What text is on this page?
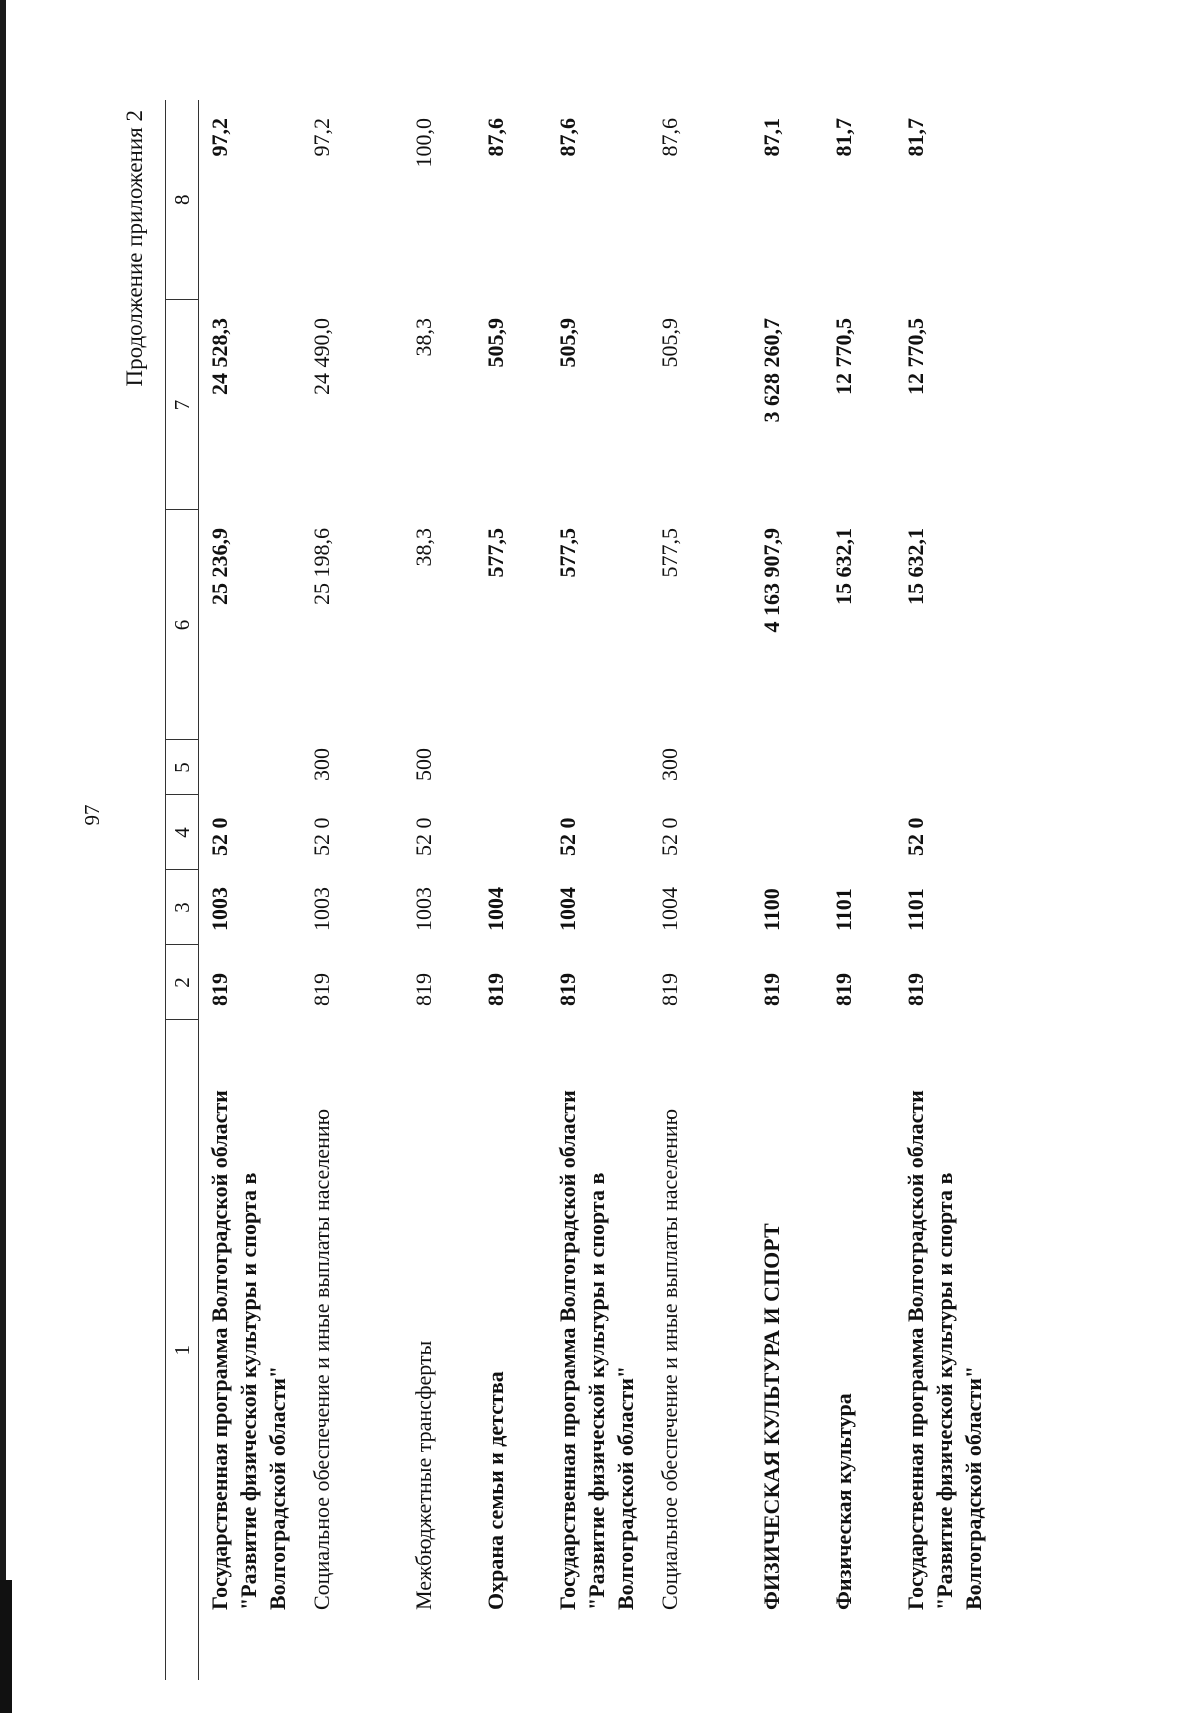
97
Продолжение приложения 2
1	2	3	4	5	6	7	8
Государственная программа Волгоградской области "Развитие физической культуры и спорта в Волгоградской области"	819	1003	52 0		25 236,9	24 528,3	97,2
Социальное обеспечение и иные выплаты населению	819	1003	52 0	300	25 198,6	24 490,0	97,2
Межбюджетные трансферты	819	1003	52 0	500	38,3	38,3	100,0
Охрана семьи и детства	819	1004			577,5	505,9	87,6
Государственная программа Волгоградской области "Развитие физической культуры и спорта в Волгоградской области"	819	1004	52 0		577,5	505,9	87,6
Социальное обеспечение и иные выплаты населению	819	1004	52 0	300	577,5	505,9	87,6
ФИЗИЧЕСКАЯ КУЛЬТУРА И СПОРТ	819	1100			4 163 907,9	3 628 260,7	87,1
Физическая культура	819	1101			15 632,1	12 770,5	81,7
Государственная программа Волгоградской области "Развитие физической культуры и спорта в Волгоградской области"	819	1101	52 0		15 632,1	12 770,5	81,7
